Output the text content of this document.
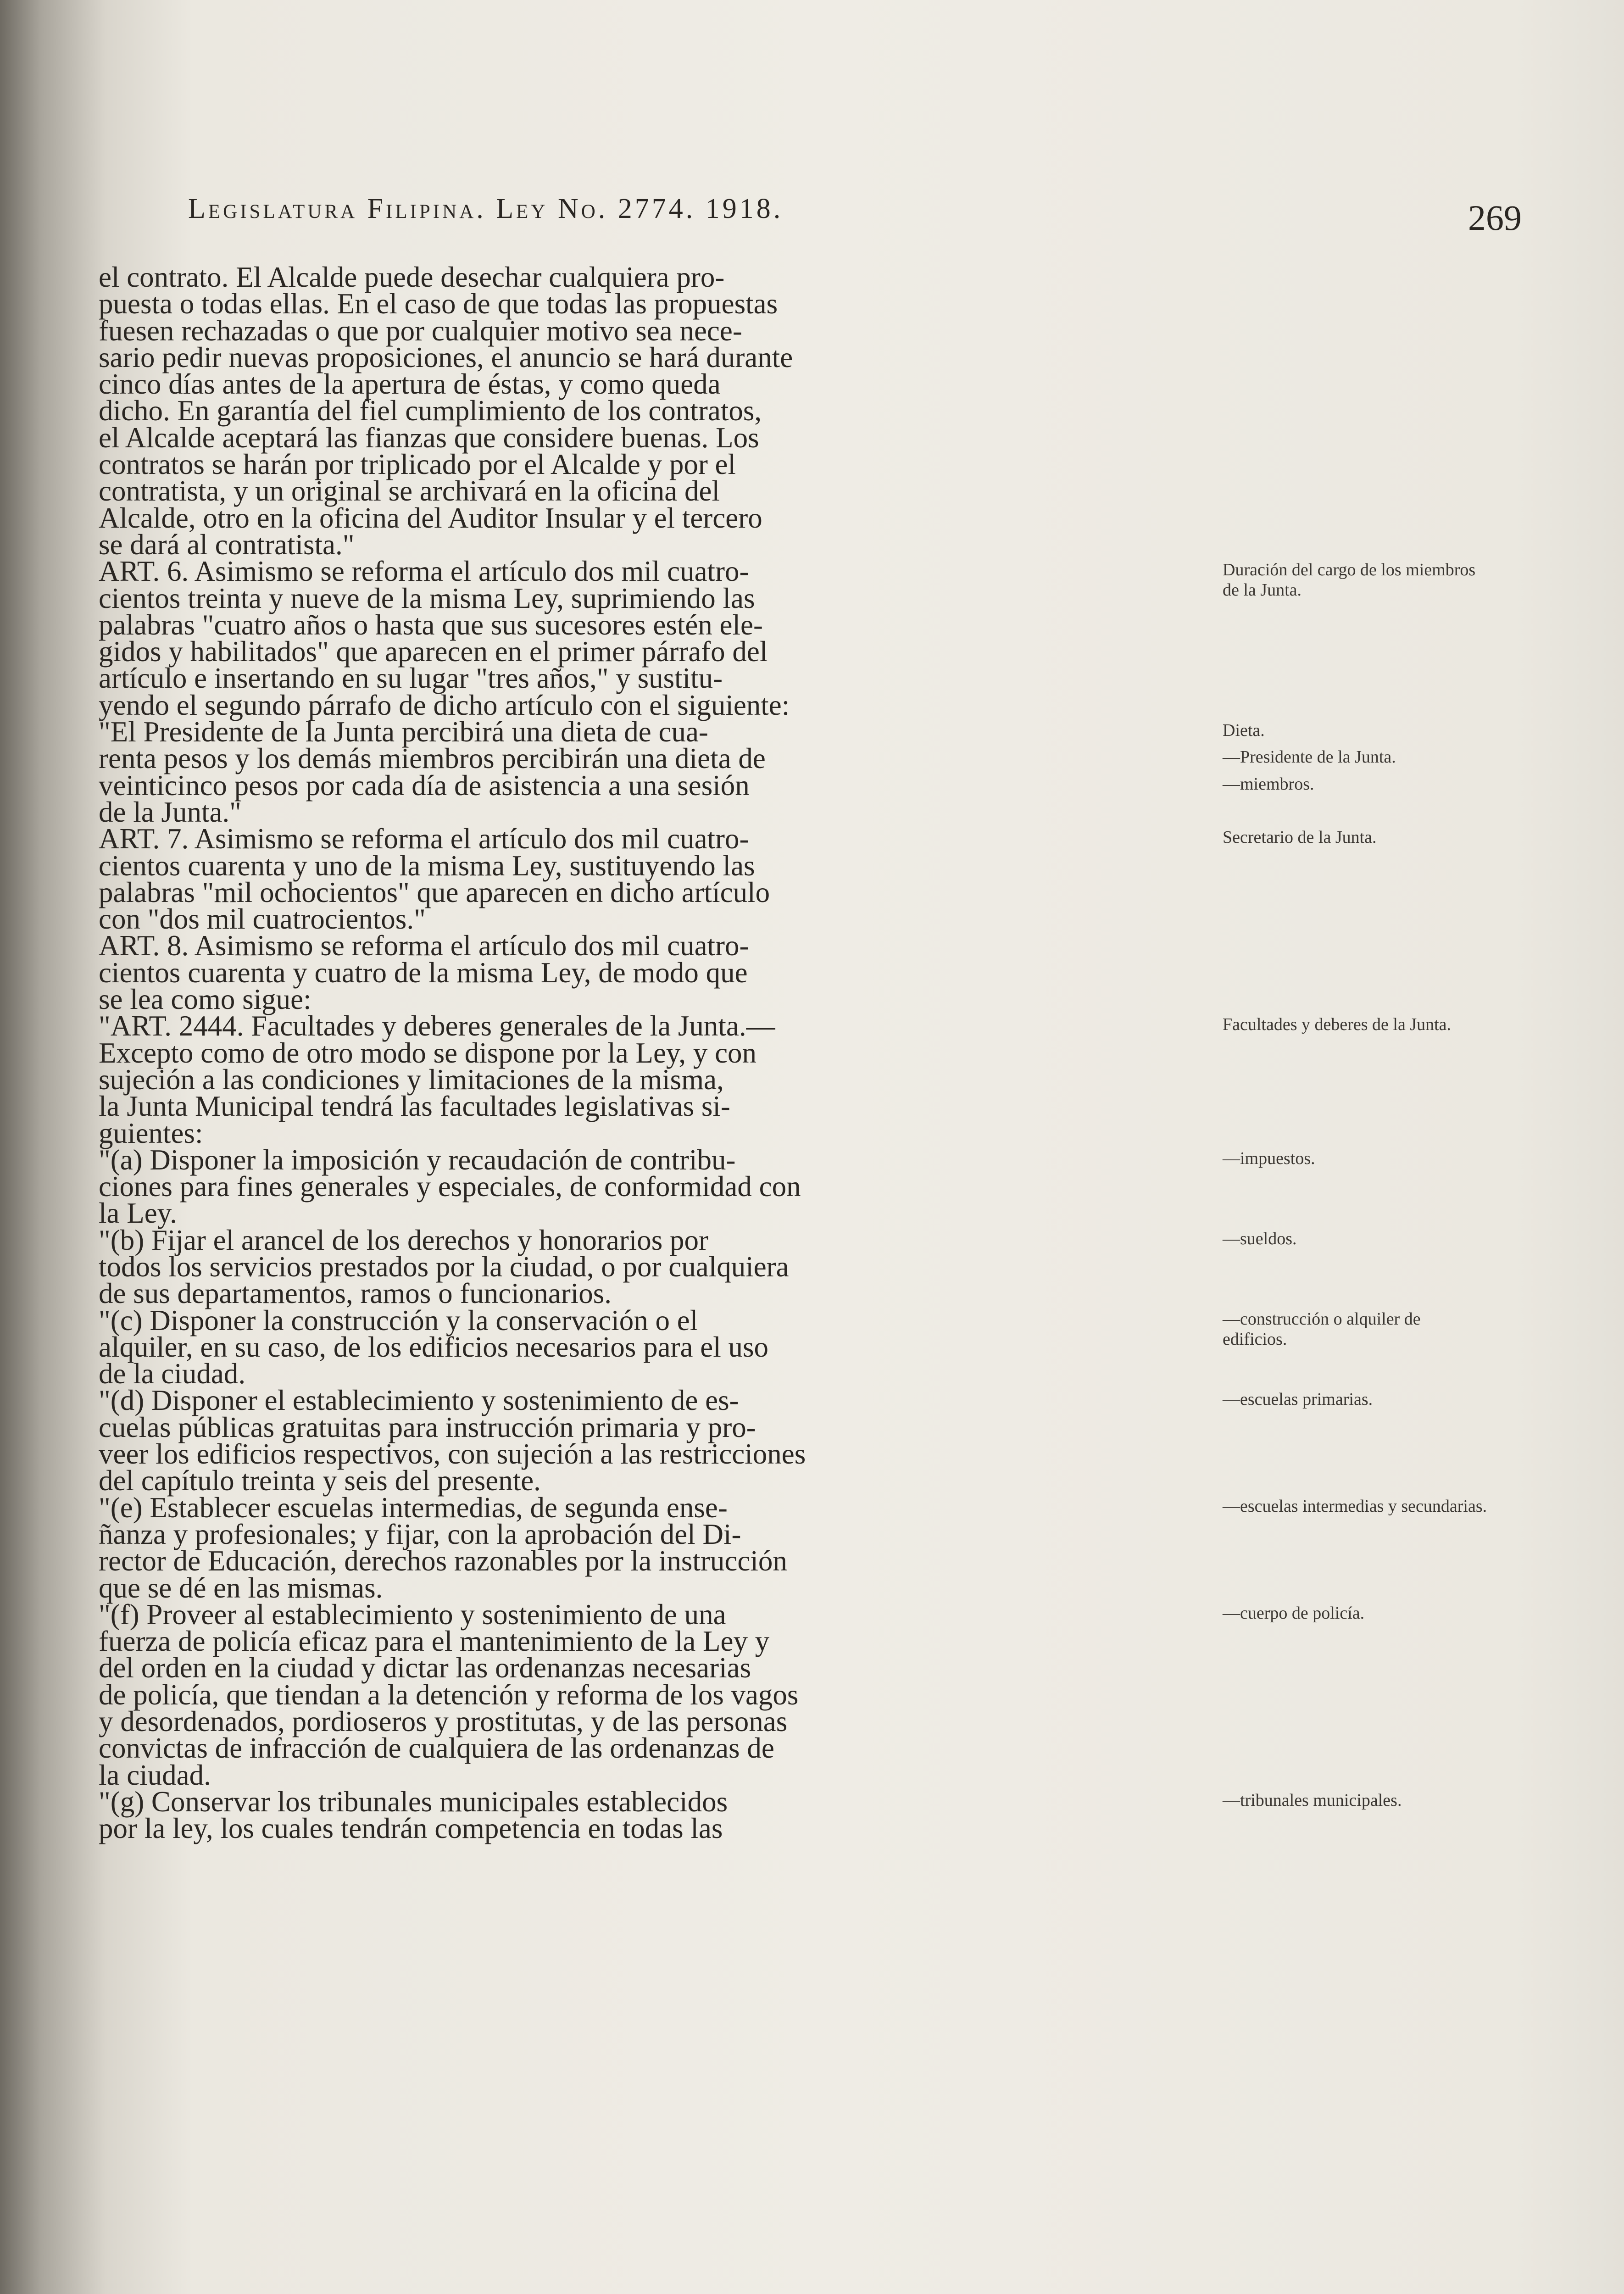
Legislatura Filipina. Ley No. 2774. 1918.	269
el contrato. El Alcalde puede desechar cualquiera pro-
puesta o todas ellas. En el caso de que todas las propuestas
fuesen rechazadas o que por cualquier motivo sea nece-
sario pedir nuevas proposiciones, el anuncio se hará durante
cinco días antes de la apertura de éstas, y como queda
dicho. En garantía del fiel cumplimiento de los contratos,
el Alcalde aceptará las fianzas que considere buenas. Los
contratos se harán por triplicado por el Alcalde y por el
contratista, y un original se archivará en la oficina del
Alcalde, otro en la oficina del Auditor Insular y el tercero
se dará al contratista."
ART. 6. Asimismo se reforma el artículo dos mil cuatro-
cientos treinta y nueve de la misma Ley, suprimiendo las
palabras "cuatro años o hasta que sus sucesores estén ele-
gidos y habilitados" que aparecen en el primer párrafo del
artículo e insertando en su lugar "tres años," y sustitu-
yendo el segundo párrafo de dicho artículo con el siguiente:
"El Presidente de la Junta percibirá una dieta de cua-
renta pesos y los demás miembros percibirán una dieta de
veinticinco pesos por cada día de asistencia a una sesión
de la Junta."
ART. 7. Asimismo se reforma el artículo dos mil cuatro-
cientos cuarenta y uno de la misma Ley, sustituyendo las
palabras "mil ochocientos" que aparecen en dicho artículo
con "dos mil cuatrocientos."
ART. 8. Asimismo se reforma el artículo dos mil cuatro-
cientos cuarenta y cuatro de la misma Ley, de modo que
se lea como sigue:
"ART. 2444. Facultades y deberes generales de la Junta.—
Excepto como de otro modo se dispone por la Ley, y con
sujeción a las condiciones y limitaciones de la misma,
la Junta Municipal tendrá las facultades legislativas si-
guientes:
"(a) Disponer la imposición y recaudación de contribu-
ciones para fines generales y especiales, de conformidad con
la Ley.
"(b) Fijar el arancel de los derechos y honorarios por
todos los servicios prestados por la ciudad, o por cualquiera
de sus departamentos, ramos o funcionarios.
"(c) Disponer la construcción y la conservación o el
alquiler, en su caso, de los edificios necesarios para el uso
de la ciudad.
"(d) Disponer el establecimiento y sostenimiento de es-
cuelas públicas gratuitas para instrucción primaria y pro-
veer los edificios respectivos, con sujeción a las restricciones
del capítulo treinta y seis del presente.
"(e) Establecer escuelas intermedias, de segunda ense-
ñanza y profesionales; y fijar, con la aprobación del Di-
rector de Educación, derechos razonables por la instrucción
que se dé en las mismas.
"(f) Proveer al establecimiento y sostenimiento de una
fuerza de policía eficaz para el mantenimiento de la Ley y
del orden en la ciudad y dictar las ordenanzas necesarias
de policía, que tiendan a la detención y reforma de los vagos
y desordenados, pordioseros y prostitutas, y de las personas
convictas de infracción de cualquiera de las ordenanzas de
la ciudad.
"(g) Conservar los tribunales municipales establecidos
por la ley, los cuales tendrán competencia en todas las
Duración del cargo de los miembros de la Junta.
Dieta.
—Presidente de la Junta.
—miembros.
Secretario de la Junta.
Facultades y deberes de la Junta.
—impuestos.
—sueldos.
—construcción o alquiler de edificios.
—escuelas primarias.
—escuelas intermedias y secundarias.
—cuerpo de policía.
—tribunales municipales.
